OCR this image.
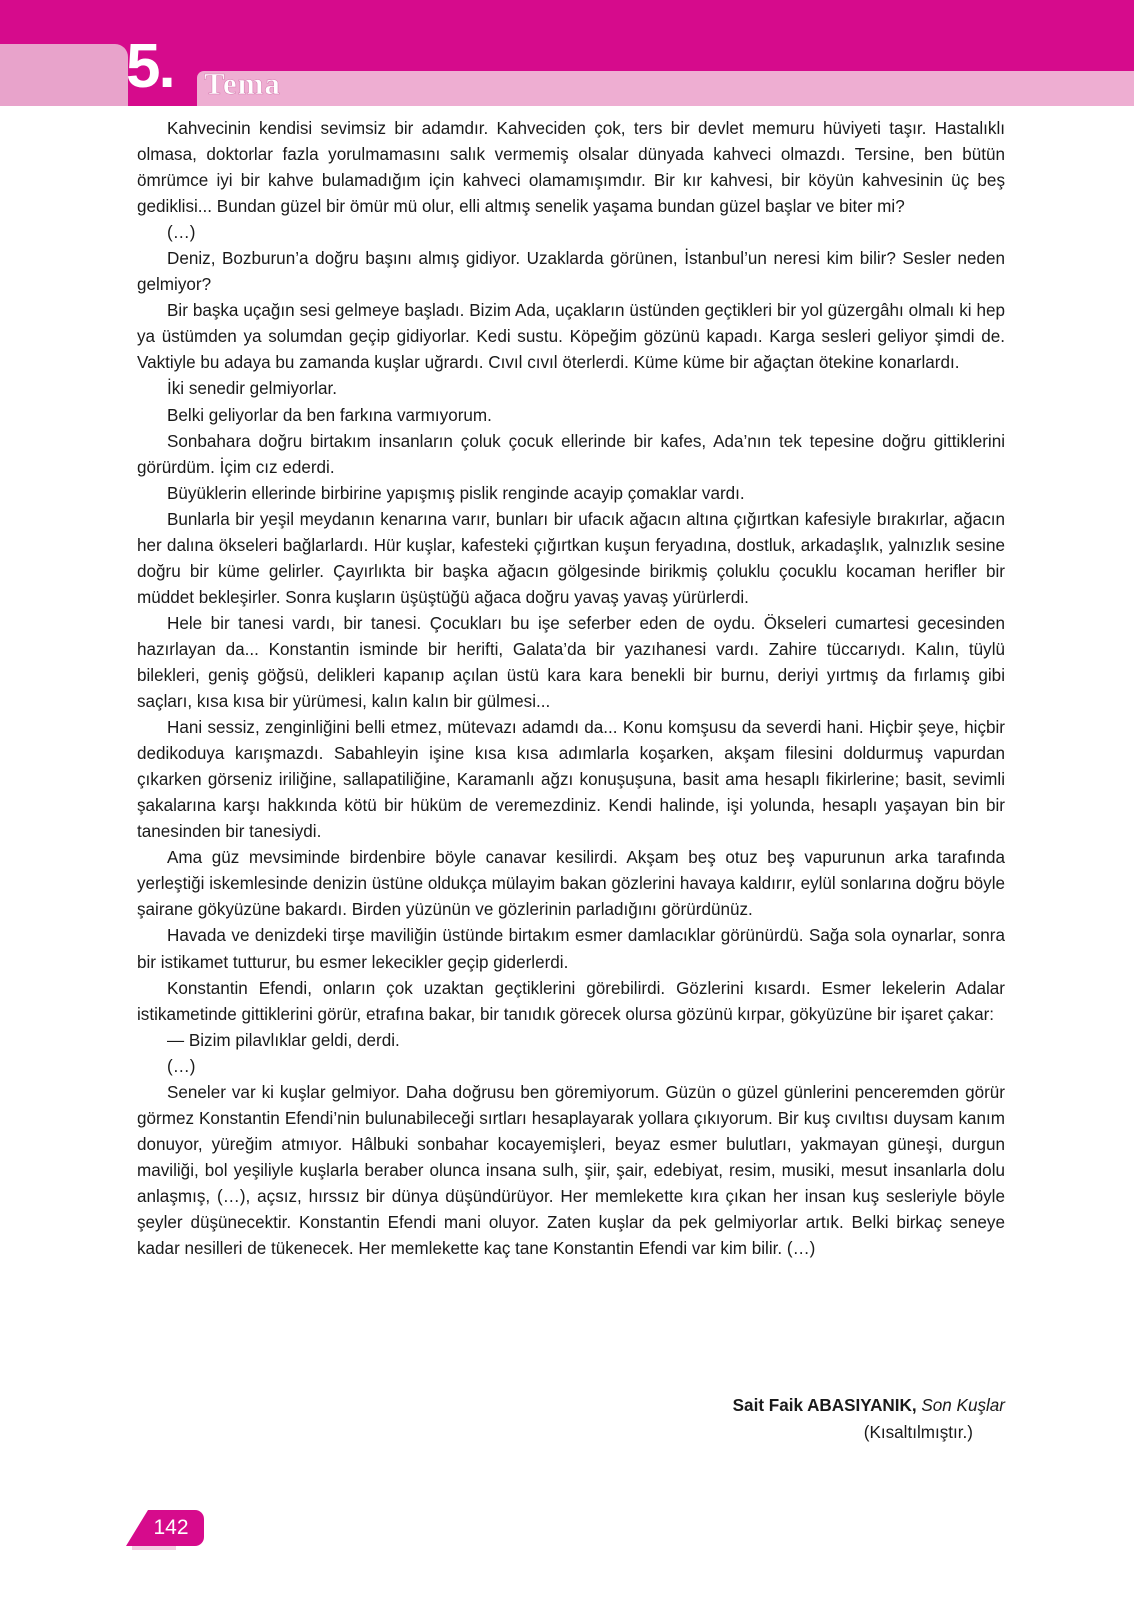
5. Tema

Kahvecinin kendisi sevimsiz bir adamdır. Kahveciden çok, ters bir devlet memuru hüviyeti taşır. Hastalıklı olmasa, doktorlar fazla yorulmamasını salık vermemiş olsalar dünyada kahveci olmazdı. Tersine, ben bütün ömrümce iyi bir kahve bulamadığım için kahveci olamamışımdır. Bir kır kahvesi, bir köyün kahvesinin üç beş gediklisi... Bundan güzel bir ömür mü olur, elli altmış senelik yaşama bundan güzel başlar ve biter mi?

(…)

Deniz, Bozburun’a doğru başını almış gidiyor. Uzaklarda görünen, İstanbul’un neresi kim bilir? Sesler neden gelmiyor?

Bir başka uçağın sesi gelmeye başladı. Bizim Ada, uçakların üstünden geçtikleri bir yol güzergâhı olmalı ki hep ya üstümden ya solumdan geçip gidiyorlar. Kedi sustu. Köpeğim gözünü kapadı. Karga sesleri geliyor şimdi de. Vaktiyle bu adaya bu zamanda kuşlar uğrardı. Cıvıl cıvıl öterlerdi. Küme küme bir ağaçtan ötekine konarlardı.

İki senedir gelmiyorlar.

Belki geliyorlar da ben farkına varmıyorum.

Sonbahara doğru birtakım insanların çoluk çocuk ellerinde bir kafes, Ada’nın tek tepesine doğru gittiklerini görürdüm. İçim cız ederdi.

Büyüklerin ellerinde birbirine yapışmış pislik renginde acayip çomaklar vardı.

Bunlarla bir yeşil meydanın kenarına varır, bunları bir ufacık ağacın altına çığırtkan kafesiyle bırakırlar, ağacın her dalına ökseleri bağlarlardı. Hür kuşlar, kafesteki çığırtkan kuşun feryadına, dostluk, arkadaşlık, yalnızlık sesine doğru bir küme gelirler. Çayırlıkta bir başka ağacın gölgesinde birikmiş çoluklu çocuklu kocaman herifler bir müddet bekleşirler. Sonra kuşların üşüştüğü ağaca doğru yavaş yavaş yürürlerdi.

Hele bir tanesi vardı, bir tanesi. Çocukları bu işe seferber eden de oydu. Ökseleri cumartesi gecesinden hazırlayan da... Konstantin isminde bir herifti, Galata’da bir yazıhanesi vardı. Zahire tüccarıydı. Kalın, tüylü bilekleri, geniş göğsü, delikleri kapanıp açılan üstü kara kara benekli bir burnu, deriyi yırtmış da fırlamış gibi saçları, kısa kısa bir yürümesi, kalın kalın bir gülmesi...

Hani sessiz, zenginliğini belli etmez, mütevazı adamdı da... Konu komşusu da severdi hani. Hiçbir şeye, hiçbir dedikoduya karışmazdı. Sabahleyin işine kısa kısa adımlarla koşarken, akşam filesini doldurmuş vapurdan çıkarken görseniz iriliğine, sallapatiliğine, Karamanlı ağzı konuşuşuna, basit ama hesaplı fikirlerine; basit, sevimli şakalarına karşı hakkında kötü bir hüküm de veremezdiniz. Kendi halinde, işi yolunda, hesaplı yaşayan bin bir tanesinden bir tanesiydi.

Ama güz mevsiminde birdenbire böyle canavar kesilirdi. Akşam beş otuz beş vapurunun arka tarafında yerleştiği iskemlesinde denizin üstüne oldukça mülayim bakan gözlerini havaya kaldırır, eylül sonlarına doğru böyle şairane gökyüzüne bakardı. Birden yüzünün ve gözlerinin parladığını görürdünüz.

Havada ve denizdeki tirşe maviliğin üstünde birtakım esmer damlacıklar görünürdü. Sağa sola oynarlar, sonra bir istikamet tutturur, bu esmer lekecikler geçip giderlerdi.

Konstantin Efendi, onların çok uzaktan geçtiklerini görebilirdi. Gözlerini kısardı. Esmer lekelerin Adalar istikametinde gittiklerini görür, etrafına bakar, bir tanıdık görecek olursa gözünü kırpar, gökyüzüne bir işaret çakar:

— Bizim pilavlıklar geldi, derdi.

(…)

Seneler var ki kuşlar gelmiyor. Daha doğrusu ben göremiyorum. Güzün o güzel günlerini penceremden görür görmez Konstantin Efendi’nin bulunabileceği sırtları hesaplayarak yollara çıkıyorum. Bir kuş cıvıltısı duysam kanım donuyor, yüreğim atmıyor. Hâlbuki sonbahar kocayemişleri, beyaz esmer bulutları, yakmayan güneşi, durgun maviliği, bol yeşiliyle kuşlarla beraber olunca insana sulh, şiir, şair, edebiyat, resim, musiki, mesut insanlarla dolu anlaşmış, (…), açsız, hırssız bir dünya düşündürüyor. Her memlekette kıra çıkan her insan kuş sesleriyle böyle şeyler düşünecektir. Konstantin Efendi mani oluyor. Zaten kuşlar da pek gelmiyorlar artık. Belki birkaç seneye kadar nesilleri de tükenecek. Her memlekette kaç tane Konstantin Efendi var kim bilir. (…)

Sait Faik ABASIYANIK, Son Kuşlar
(Kısaltılmıştır.)
142
